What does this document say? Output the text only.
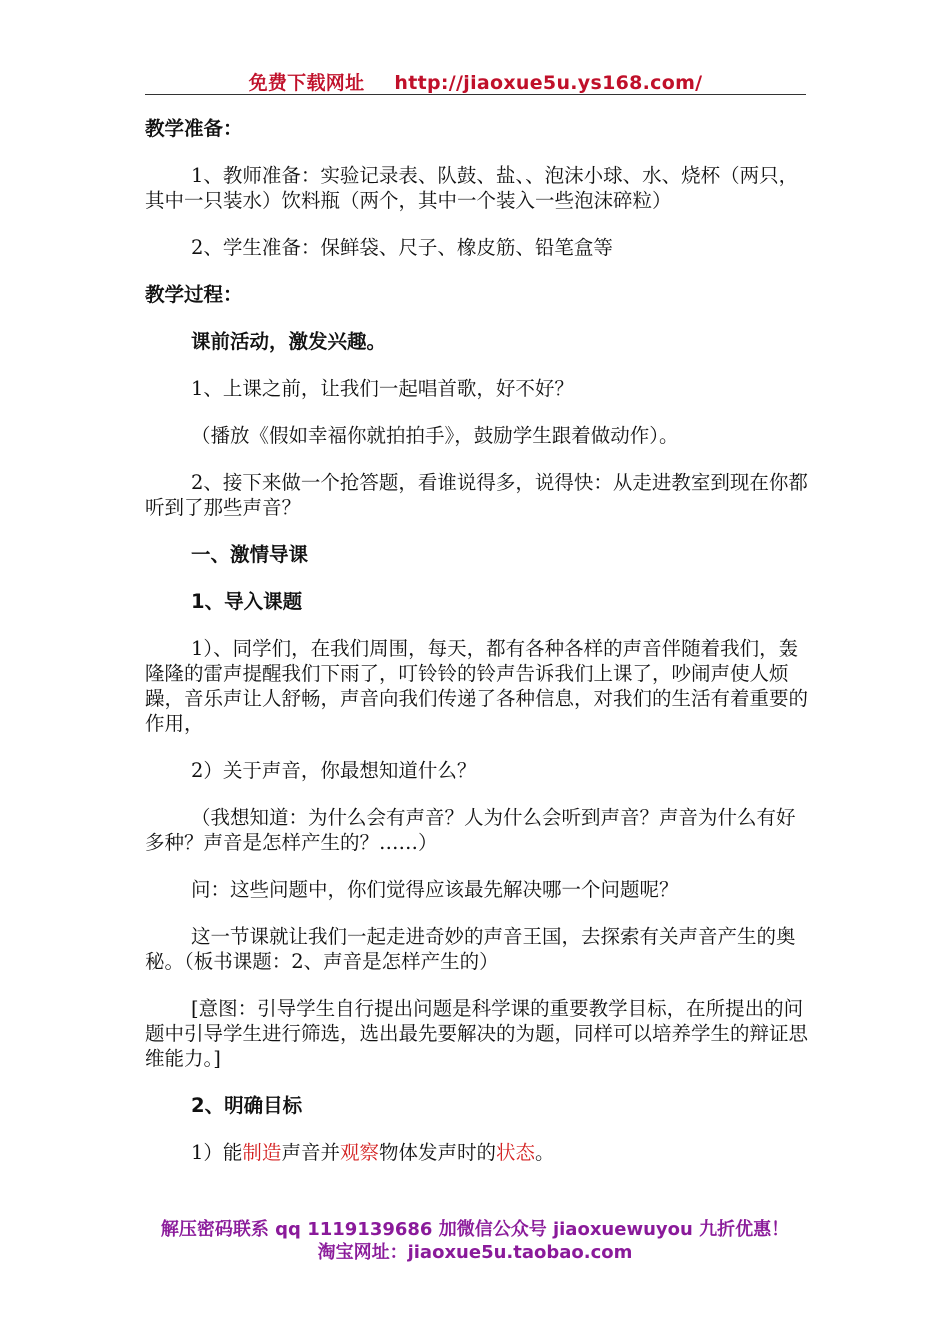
免费下载网址 http://jiaoxue5u.ys168.com/

教学准备：

1、教师准备：实验记录表、队鼓、盐、、泡沫小球、水、烧杯（两只，其中一只装水）饮料瓶（两个，其中一个装入一些泡沫碎粒）

2、学生准备：保鲜袋、尺子、橡皮筋、铅笔盒等

教学过程：

课前活动，激发兴趣。

1、上课之前，让我们一起唱首歌，好不好？

（播放《假如幸福你就拍拍手》，鼓励学生跟着做动作）。

2、接下来做一个抢答题，看谁说得多，说得快：从走进教室到现在你都听到了那些声音？

一、激情导课

1、导入课题

1）、同学们，在我们周围，每天，都有各种各样的声音伴随着我们，轰隆隆的雷声提醒我们下雨了，叮铃铃的铃声告诉我们上课了，吵闹声使人烦躁，音乐声让人舒畅，声音向我们传递了各种信息，对我们的生活有着重要的作用，

2）关于声音，你最想知道什么？

（我想知道：为什么会有声音？人为什么会听到声音？声音为什么有好多种？声音是怎样产生的？……）

问：这些问题中，你们觉得应该最先解决哪一个问题呢？

这一节课就让我们一起走进奇妙的声音王国，去探索有关声音产生的奥秘。（板书课题：2、声音是怎样产生的）

[意图：引导学生自行提出问题是科学课的重要教学目标，在所提出的问题中引导学生进行筛选，选出最先要解决的为题，同样可以培养学生的辩证思维能力。]

2、明确目标

1）能制造声音并观察物体发声时的状态。

解压密码联系 qq 1119139686 加微信公众号 jiaoxuewuyou 九折优惠！
淘宝网址：jiaoxue5u.taobao.com
